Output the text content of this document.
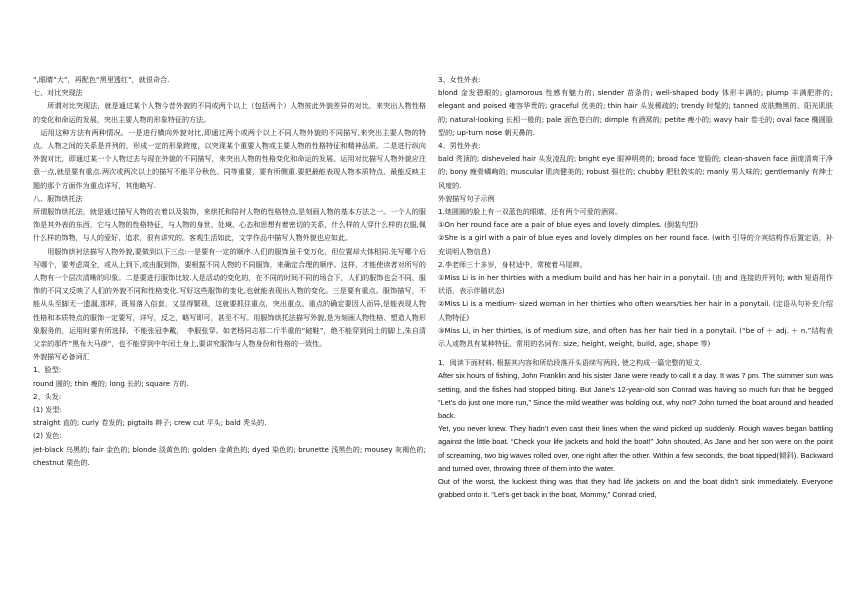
“,眼睛“大”，再配色“黑里透红”，就很奇合.

七、对比突现法

　　所谓对比突现法，就是通过某个人物今昔外貌的不同或两个以上（包括两个）人物彼此外貌差异的对比，来突出人物性格的变化和命运的发展，突出主要人物的形象特征的方法。

　运用这种方法有两种情况。一是进行横向外貌对比,即通过两个或两个以上不同人物外貌的不同描写,来突出主要人物的特点。人物之间的关系是并列的，形成一定的形象跨度，以突现某个重要人物或主要人物的性格特征和精神品质。二是进行纵向外貌对比，即通过某一个人物过去与现在外貌的不同描写，来突出人物的性格变化和命运的发展。运用对比描写人物外貌应注意一点,就是要有重点.两次或两次以上的描写不能平分秋色、同等重要，要有所侧重.要把最能表现人物本质特点、最能反映主题的那个方面作为重点详写，其他略写.

八、服饰烘托法

所谓服饰烘托法，就是通过描写人物的衣着以及装饰，来烘托和陪衬人物的性格特点,是刻画人物的基本方法之一。一个人的服饰是其外表的东西，它与人物的性格特征，与人物的身世、处境、心态和思想有着密切的关系，什么样的人穿什么样的衣服,佩什么样的饰物，与人的爱好、追求，很有讲究的。客观生活如此，文学作品中描写人物外貌也应如此。

　　用服饰烘衬法描写人物外貌,要做到以下三点:一是要有一定的顺序.人们的服饰虽千变万化，但位置却大体相同.先写哪个后写哪个，要考虑周全，或从上到下,或由服到饰，要根据不同人物的不同服饰，来确定合理的顺序。这样，才能使读者对所写的人物有一个层次清晰的印象。二是要进行服饰比较.人是活动的变化的，在不同的时间不同的场合下，人们的服饰也会不同，服饰的不同又反映了人们的外貌不同和性格变化.写好这些服饰的变化,也就能表现出人物的变化。三是要有重点。服饰描写，不能从头至脚无一遗漏,那样，既易落入俗套，又显得繁琐，这就要抓住重点，突出重点。重点的确定要因人而异,是能表现人物　性格和本质特点的服饰一定要写，详写，反之，略写即可，甚至不写。用服饰烘托法描写外貌,是为刻画人物性格、塑造人物形象服务的，运用时要有所选择，不能张冠李戴，　李服张穿。如老杨同志那二斤半重的“破鞋”，绝不能穿到闰土的脚上,朱自清父亲的那件“黑布大马褂”，也不能穿到中年闰土身上,要讲究服饰与人物身份和性格的一致性。

外貌描写必备词汇

1、脸型:

round 圆的; thin 瘦的; long 长的; square 方的.

2、头发:

(1) 发型:

straight 直的; curly 卷发的; pigtails 辫子; crew cut 平头; bald 秃头的.

(2) 发色:

jet-black 乌黑的; fair 金色的; blonde 淡黄色的; golden 金黄色的; dyed 染色的; brunette 浅黑色的; mousey 灰褐色的; chestnut 栗色的.

3、女性外表:

blond 金发碧眼的; glamorous 性感有魅力的; slender 苗条的; well-shaped body 体形丰满的; plump 丰满肥胖的; elegant and poised 雍容华贵的; graceful 优美的; thin hair 头发稀疏的; trendy 时髦的; tanned 皮肤黝黑的、阳光肌肤的; natural-looking 长相一般的; pale 面色苍白的; dimple 有酒窝的; petite 瘦小的; wavy hair 卷毛的; oval face 椭圆脸型的; up-turn nose 朝天鼻的.

4、男性外表:

bald 秃顶的; disheveled hair 头发凌乱的; bright eye 眼神明亮的; broad face 宽脸的; clean-shaven face 面庞清爽干净的; bony 瘦骨嶙峋的; muscular 肌肉健美的; robust 强壮的; chubby 肥肚敦实的; manly 男人味的; gentlemanly 有绅士风度的.

外貌描写句子示例

1.她圆圆的脸上有一双蓝色的眼睛，还有两个可爱的酒窝。

①On her round face are a pair of blue eyes and lovely dimples. (倒装句型)

②She is a girl with a pair of blue eyes and lovely dimples on her round face. (with 引导的介宾结构作后置定语，补充说明人物信息)

2.李老师三十多岁，身材适中，常梳着马尾辫。

①Miss Li is in her thirties with a medium build and has her hair in a ponytail. (由 and 连接的并列句; with 短语用作状语，表示伴随状态)

②Miss Li is a medium- sized woman in her thirties who often wears/ties her hair in a ponytail. (定语从句补充介绍人物特征)

③Miss Li, in her thirties, is of medium size, and often has her hair tied in a ponytail. (“be of ＋ adj. ＋ n.”结构表示人或物具有某种特征。常用的名词有: size, height, weight, build, age, shape 等)

1．阅读下面材料, 根据其内容和所给段落开头语续写两段, 使之构成一篇完整的短文.

After six hours of fishing, John Franklin and his sister Jane were ready to call it a day. It was 7 pm. The summer sun was setting, and the fishes had stopped biting. But Jane’s 12-year-old son Conrad was having so much fun that he begged “Let’s do just one more run,” Since the mild weather was holding out, why not? John turned the boat around and headed back.

Yet, you never knew. They hadn’t even cast their lines when the wind picked up suddenly. Rough waves began battling against the little boat. “Check your life jackets and hold the boat!” John shouted, As Jane and her son were on the point of screaming, two big waves rolled over, one right after the other. Within a few seconds, the boat tipped(倾斜). Backward and turned over, throwing three of them into the water.

Out of the worst, the luckiest thing was that they had life jackets on and the boat didn’t sink immediately. Everyone grabbed onto it. “Let’s get back in the boat, Mommy,” Conrad cried,
